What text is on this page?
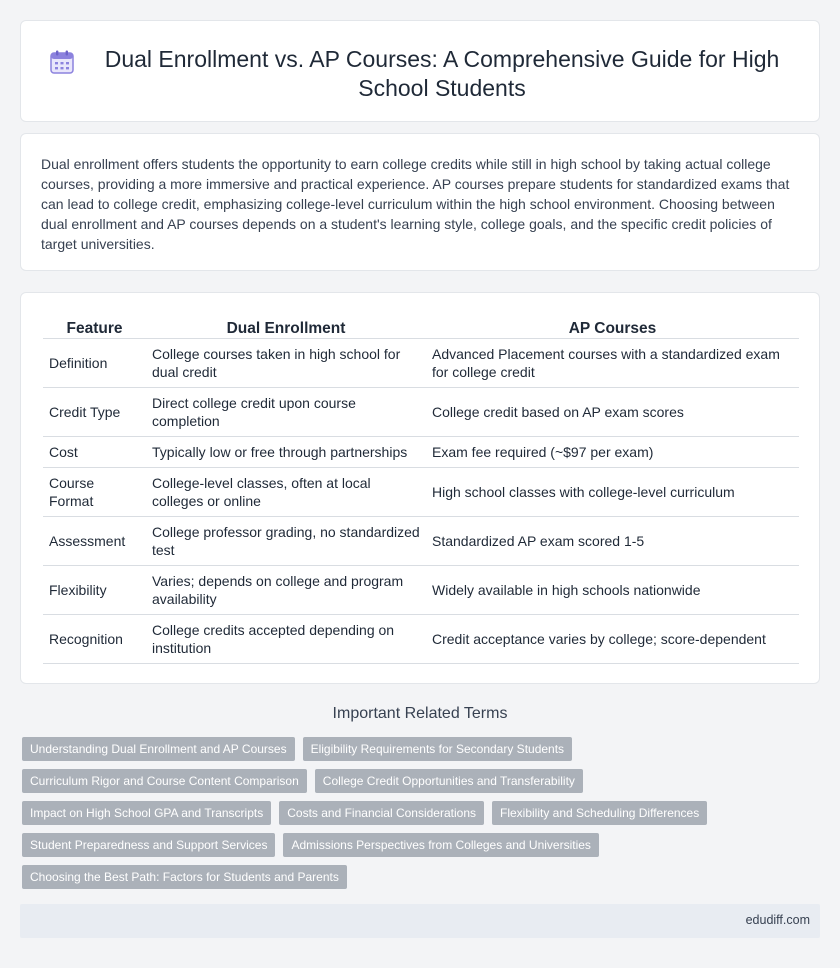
Dual Enrollment vs. AP Courses: A Comprehensive Guide for High School Students

Dual enrollment offers students the opportunity to earn college credits while still in high school by taking actual college courses, providing a more immersive and practical experience. AP courses prepare students for standardized exams that can lead to college credit, emphasizing college-level curriculum within the high school environment. Choosing between dual enrollment and AP courses depends on a student's learning style, college goals, and the specific credit policies of target universities.

Feature	Dual Enrollment	AP Courses
Definition	College courses taken in high school for dual credit	Advanced Placement courses with a standardized exam for college credit
Credit Type	Direct college credit upon course completion	College credit based on AP exam scores
Cost	Typically low or free through partnerships	Exam fee required (~$97 per exam)
Course Format	College-level classes, often at local colleges or online	High school classes with college-level curriculum
Assessment	College professor grading, no standardized test	Standardized AP exam scored 1-5
Flexibility	Varies; depends on college and program availability	Widely available in high schools nationwide
Recognition	College credits accepted depending on institution	Credit acceptance varies by college; score-dependent
Important Related Terms
Understanding Dual Enrollment and AP Courses	Eligibility Requirements for Secondary Students
Curriculum Rigor and Course Content Comparison	College Credit Opportunities and Transferability
Impact on High School GPA and Transcripts	Costs and Financial Considerations	Flexibility and Scheduling Differences
Student Preparedness and Support Services	Admissions Perspectives from Colleges and Universities
Choosing the Best Path: Factors for Students and Parents
edudiff.com
